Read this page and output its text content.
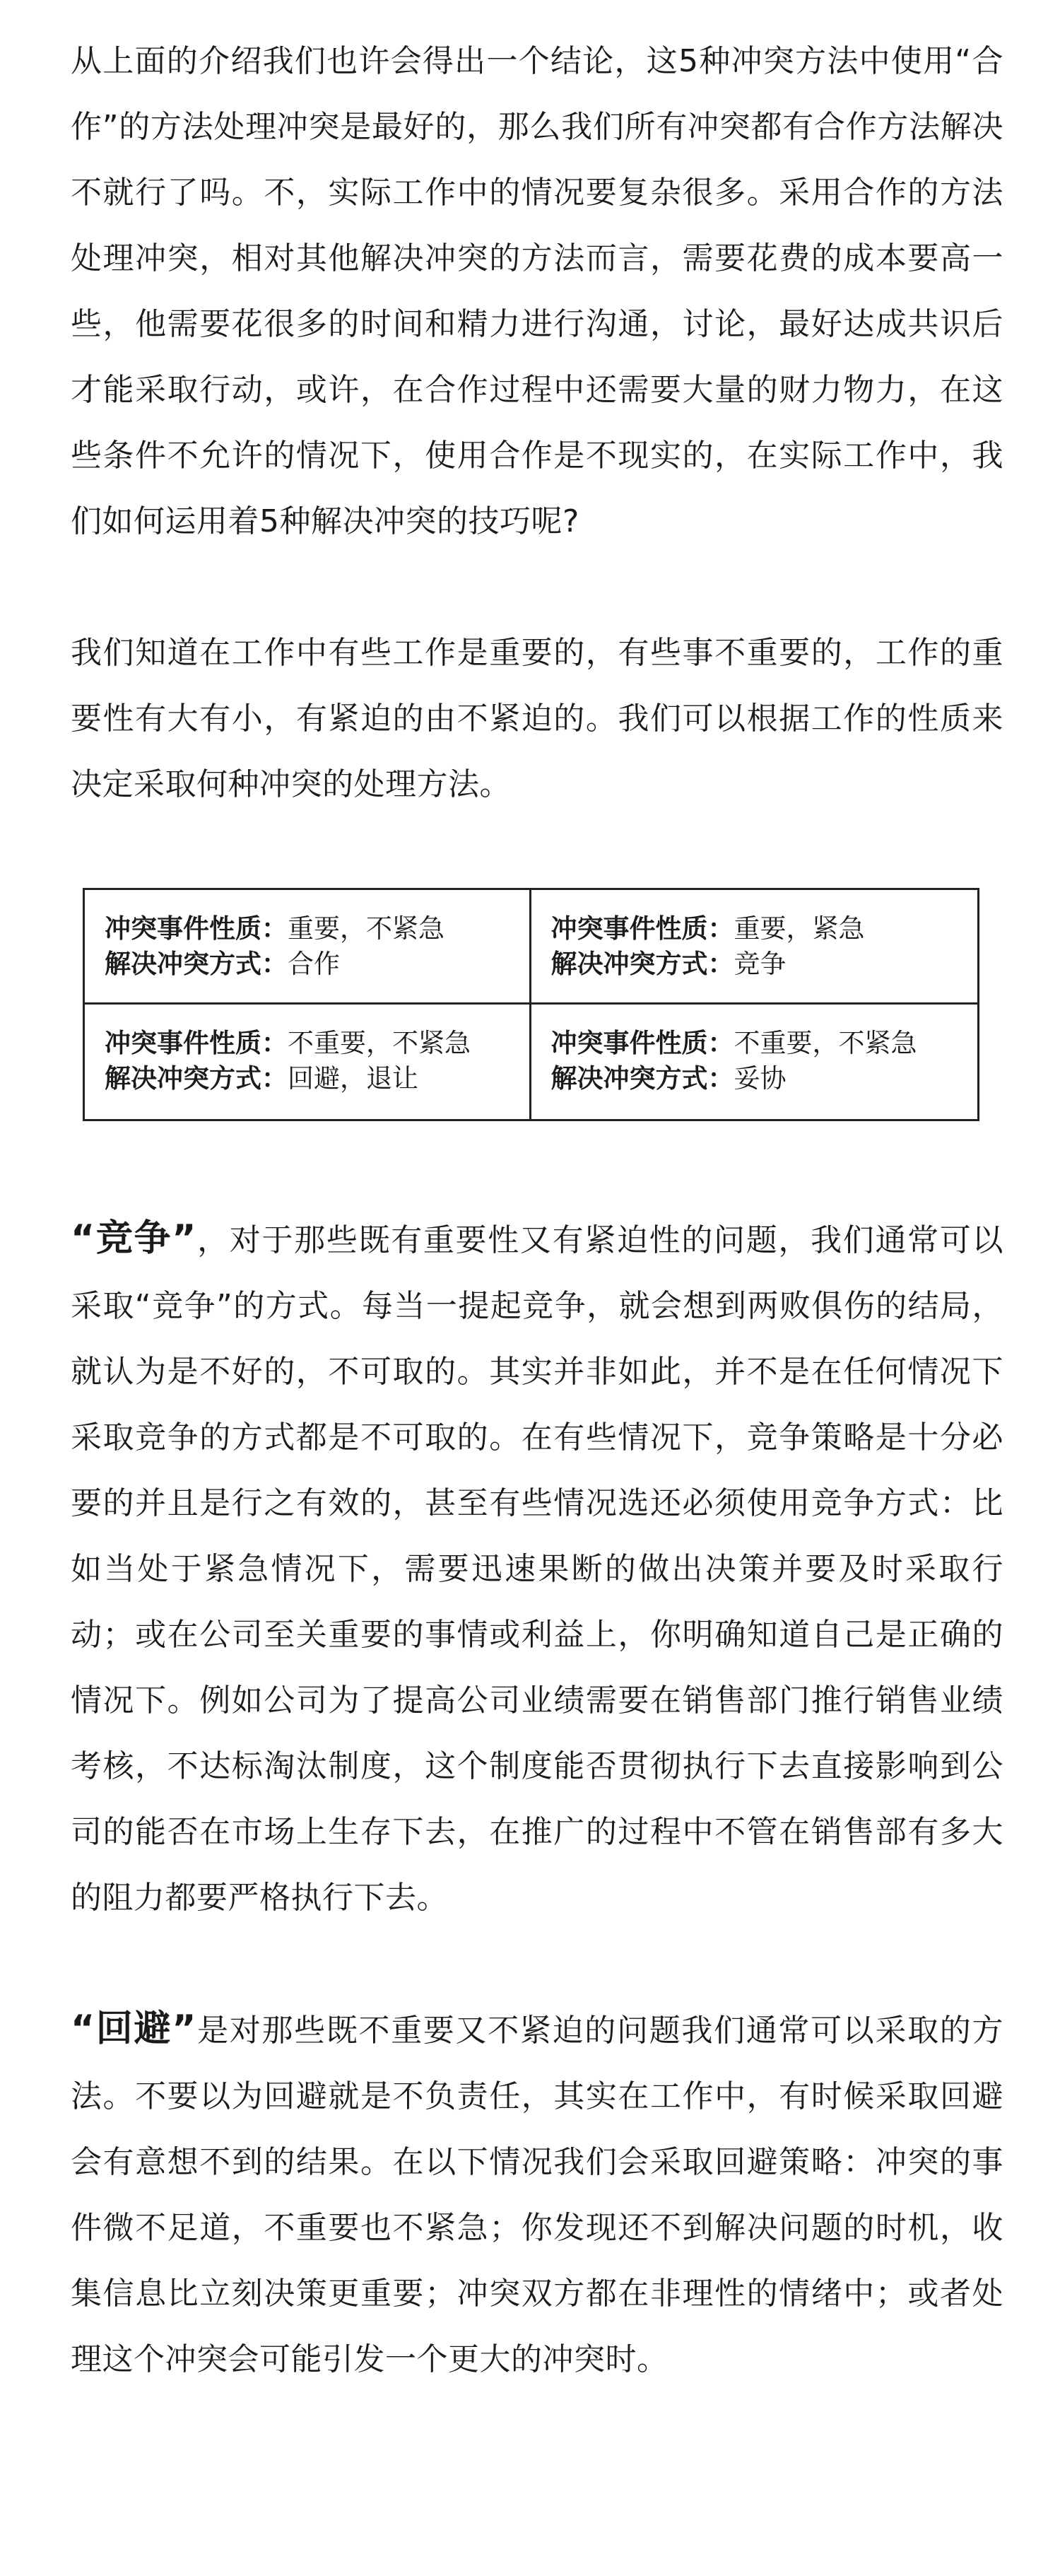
从上面的介绍我们也许会得出一个结论，这5种冲突方法中使用“合作”的方法处理冲突是最好的，那么我们所有冲突都有合作方法解决不就行了吗。不，实际工作中的情况要复杂很多。采用合作的方法处理冲突，相对其他解决冲突的方法而言，需要花费的成本要高一些，他需要花很多的时间和精力进行沟通，讨论，最好达成共识后才能采取行动，或许，在合作过程中还需要大量的财力物力，在这些条件不允许的情况下，使用合作是不现实的，在实际工作中，我们如何运用着5种解决冲突的技巧呢?

我们知道在工作中有些工作是重要的，有些事不重要的，工作的重要性有大有小，有紧迫的由不紧迫的。我们可以根据工作的性质来决定采取何种冲突的处理方法。

冲突事件性质：重要，不紧急
解决冲突方式：合作
冲突事件性质：重要，紧急
解决冲突方式：竞争
冲突事件性质：不重要，不紧急
解决冲突方式：回避，退让
冲突事件性质：不重要，不紧急
解决冲突方式：妥协

“竞争”，对于那些既有重要性又有紧迫性的问题，我们通常可以采取“竞争”的方式。每当一提起竞争，就会想到两败俱伤的结局，就认为是不好的，不可取的。其实并非如此，并不是在任何情况下采取竞争的方式都是不可取的。在有些情况下，竞争策略是十分必要的并且是行之有效的，甚至有些情况选还必须使用竞争方式：比如当处于紧急情况下，需要迅速果断的做出决策并要及时采取行动；或在公司至关重要的事情或利益上，你明确知道自己是正确的情况下。例如公司为了提高公司业绩需要在销售部门推行销售业绩考核，不达标淘汰制度，这个制度能否贯彻执行下去直接影响到公司的能否在市场上生存下去，在推广的过程中不管在销售部有多大的阻力都要严格执行下去。

“回避”是对那些既不重要又不紧迫的问题我们通常可以采取的方法。不要以为回避就是不负责任，其实在工作中，有时候采取回避会有意想不到的结果。在以下情况我们会采取回避策略：冲突的事件微不足道，不重要也不紧急；你发现还不到解决问题的时机，收集信息比立刻决策更重要；冲突双方都在非理性的情绪中；或者处理这个冲突会可能引发一个更大的冲突时。
